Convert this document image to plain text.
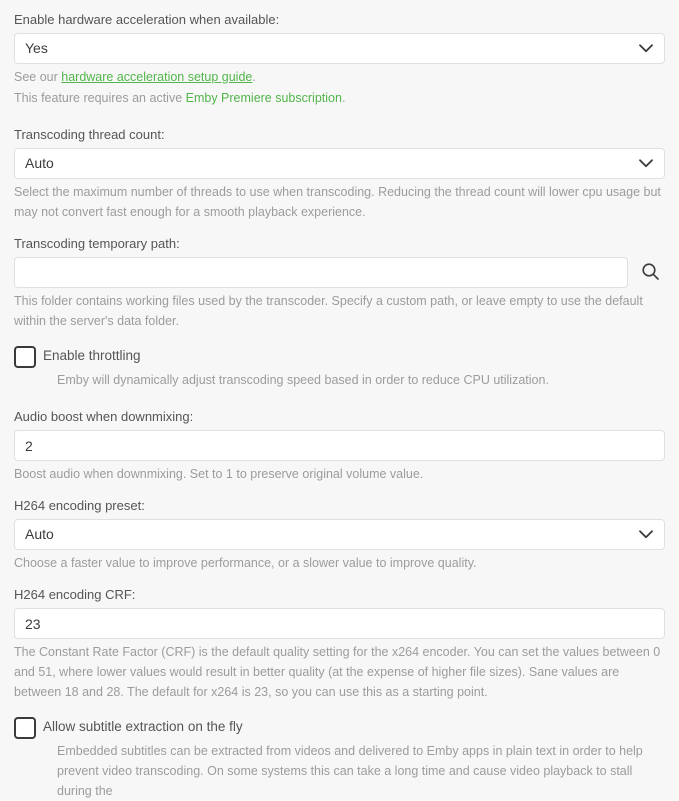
Enable hardware acceleration when available:
Yes
See our hardware acceleration setup guide.
This feature requires an active Emby Premiere subscription.
Transcoding thread count:
Auto
Select the maximum number of threads to use when transcoding. Reducing the thread count will lower cpu usage but may not convert fast enough for a smooth playback experience.
Transcoding temporary path:
This folder contains working files used by the transcoder. Specify a custom path, or leave empty to use the default within the server's data folder.
Enable throttling
Emby will dynamically adjust transcoding speed based in order to reduce CPU utilization.
Audio boost when downmixing:
2
Boost audio when downmixing. Set to 1 to preserve original volume value.
H264 encoding preset:
Auto
Choose a faster value to improve performance, or a slower value to improve quality.
H264 encoding CRF:
23
The Constant Rate Factor (CRF) is the default quality setting for the x264 encoder. You can set the values between 0 and 51, where lower values would result in better quality (at the expense of higher file sizes). Sane values are between 18 and 28. The default for x264 is 23, so you can use this as a starting point.
Allow subtitle extraction on the fly
Embedded subtitles can be extracted from videos and delivered to Emby apps in plain text in order to help prevent video transcoding. On some systems this can take a long time and cause video playback to stall during the
